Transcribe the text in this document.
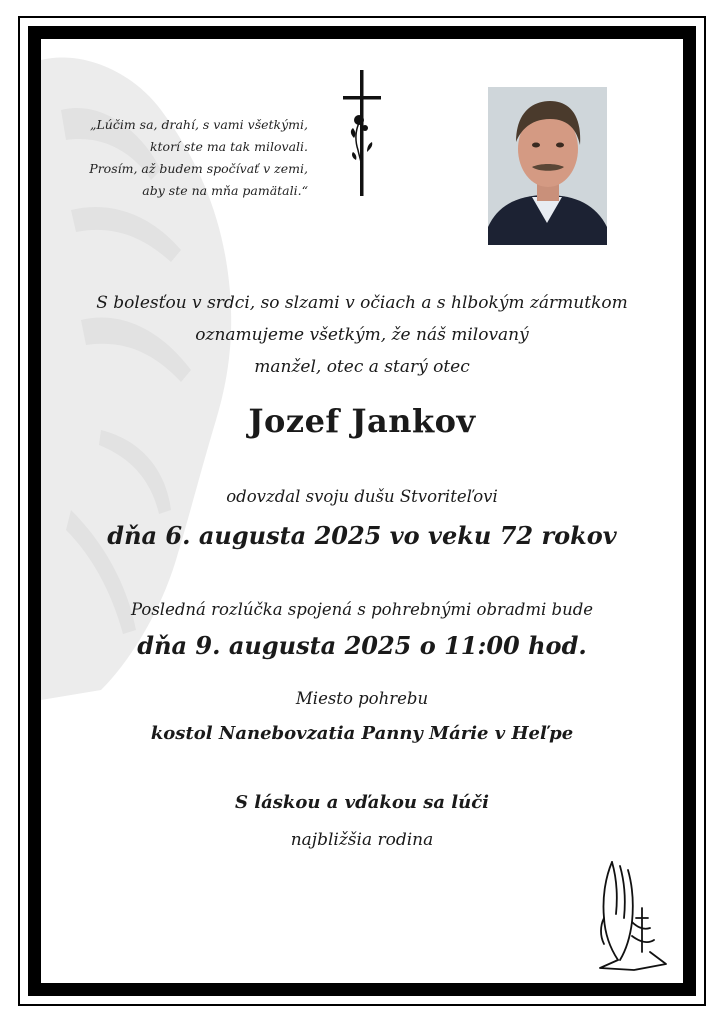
„Lúčim sa, drahí, s vami všetkými,
ktorí ste ma tak milovali.
Prosím, až budem spočívať v zemi,
aby ste na mňa pamätali.“
S bolesťou v srdci, so slzami v očiach a s hlbokým zármutkom
oznamujeme všetkým, že náš milovaný
manžel, otec a starý otec
Jozef Jankov
odovzdal svoju dušu Stvoriteľovi
dňa 6. augusta 2025 vo veku 72 rokov
Posledná rozlúčka spojená s pohrebnými obradmi bude
dňa 9. augusta 2025 o 11:00 hod.
Miesto pohrebu
kostol Nanebovzatia Panny Márie v Heľpe
S láskou a vďakou sa lúči
najbližšia rodina
